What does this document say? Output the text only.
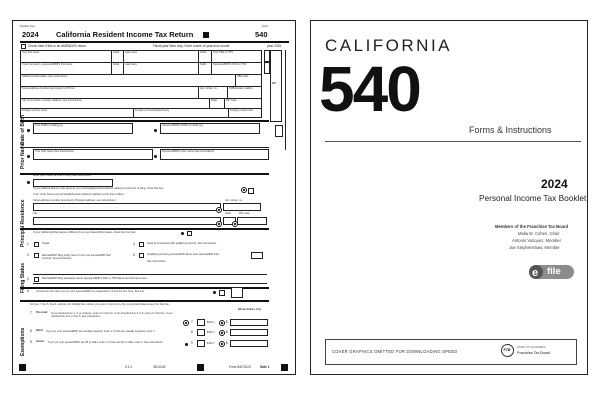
Taxable Year	Form
2024 California Resident Income Tax Return	540
Check here if this is an AMENDED return.	Fiscal year filers only: Enter month of year end: month	year 2025.
Your first name	Initial Last name	Suffix	Your SSN or ITIN
If joint tax return, spouse's/RDP's first name	Initial Last name	Suffix	Spouse's/RDP's SSN or ITIN
Additional information (see instructions)	PBA code
Street address (number and street) or PO box	Apt. no/ste. no.	PMB/private mailbox
City (If you have a foreign address, see instructions)	State	ZIP code
Foreign country name	Foreign province/state/county	Foreign postal code
RP
Date of Birth	Your DOB (mm/dd/yyyy)	Spouse's/RDP's DOB (mm/dd/yyyy)
Prior Name	Your prior name (see instructions)	Spouse's/RDP's prior name (see instructions)
Principal Residence
Enter your county at time of filing (see instructions)
If your address above is the same as your principal/physical residence address at the time of filing, check this box.
If not, enter below your principal/physical residence address at the time of filing.
Street address (number and street) (If foreign address, see instructions.)	Apt. no/ste. no.
City	State	ZIP code
Filing Status
If your California filing status is different from your federal filing status, check the box here
1	Single	4	Head of household (with qualifying person). See instructions.
2	Married/RDP filing jointly (even if only one spouse/RDP had income). See instructions.
5	Qualifying surviving spouse/RDP. Enter year spouse/RDP died.
See instructions.
3	Married/RDP filing separately. Enter spouse's/RDP's SSN or ITIN above and full name here.
6	If someone can claim you (or your spouse/RDP) as a dependent, check the box here. See inst.
Exemptions
For line 7, line 8, line 9, and line 10: Multiply the number you enter in the box by the pre-printed dollar amount for that line.
Whole dollars only
7 Personal: If you checked box 1, 3, or 4 above, enter 1 in the box. If you checked box 2 or 5, enter 2 in the box. If you checked the box on line 6, see instructions.
7	$149 =	$
8 Blind: If you (or your spouse/RDP) are visually impaired, enter 1; if both are visually impaired, enter 2.	8	$149 =	$
9 Senior: If you (or your spouse/RDP) are 65 or older, enter 1; if both are 65 or older, enter 2. See instructions.	9	$149 =	$
3 3 1	3101243	Form 540 2024	Side 1
CALIFORNIA
540
Forms & Instructions
2024
Personal Income Tax Booklet
Members of the Franchise Tax Board
Malia M. Cohen, Chair
Antonio Vazquez, Member
Joe Stephenshaw, Member
e file
COVER GRAPHICS OMITTED FOR DOWNLOADING SPEED	FTB
STATE OF CALIFORNIA
Franchise Tax Board
